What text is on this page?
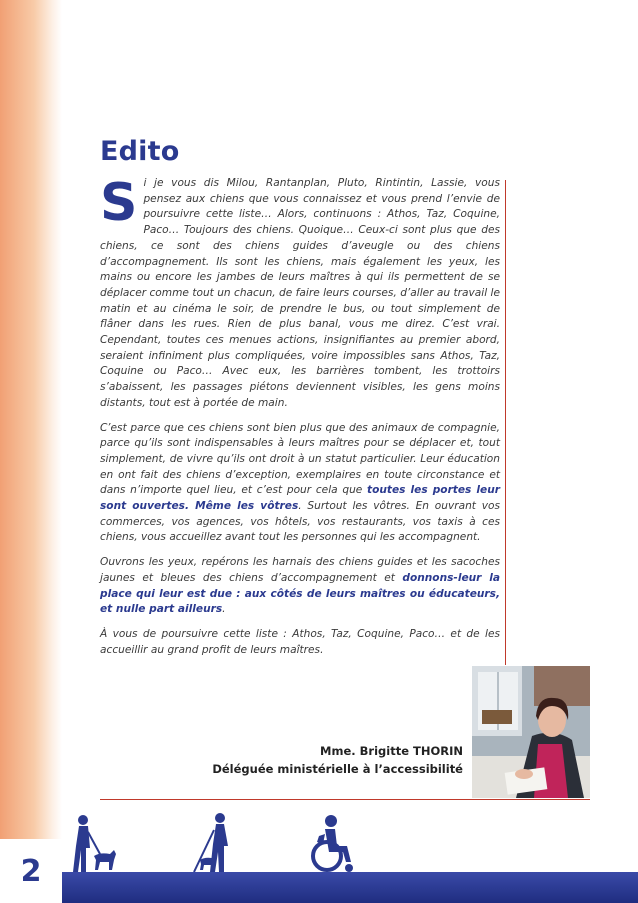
Edito

Si je vous dis Milou, Rantanplan, Pluto, Rintintin, Lassie, vous pensez aux chiens que vous connaissez et vous prend l’envie de poursuivre cette liste… Alors, continuons : Athos, Taz, Coquine, Paco… Toujours des chiens. Quoique… Ceux-ci sont plus que des chiens, ce sont des chiens guides d’aveugle ou des chiens d’accompagnement. Ils sont les chiens, mais également les yeux, les mains ou encore les jambes de leurs maîtres à qui ils permettent de se déplacer comme tout un chacun, de faire leurs courses, d’aller au travail le matin et au cinéma le soir, de prendre le bus, ou tout simplement de flâner dans les rues. Rien de plus banal, vous me direz. C’est vrai. Cependant, toutes ces menues actions, insignifiantes au premier abord, seraient infiniment plus compliquées, voire impossibles sans Athos, Taz, Coquine ou Paco… Avec eux, les barrières tombent, les trottoirs s’abaissent, les passages piétons deviennent visibles, les gens moins distants, tout est à portée de main.

C’est parce que ces chiens sont bien plus que des animaux de compagnie, parce qu’ils sont indispensables à leurs maîtres pour se déplacer et, tout simplement, de vivre qu’ils ont droit à un statut particulier. Leur éducation en ont fait des chiens d’exception, exemplaires en toute circonstance et dans n’importe quel lieu, et c’est pour cela que toutes les portes leur sont ouvertes. Même les vôtres. Surtout les vôtres. En ouvrant vos commerces, vos agences, vos hôtels, vos restaurants, vos taxis à ces chiens, vous accueillez avant tout les personnes qui les accompagnent.

Ouvrons les yeux, repérons les harnais des chiens guides et les sacoches jaunes et bleues des chiens d’accompagnement et donnons-leur la place qui leur est due : aux côtés de leurs maîtres ou éducateurs, et nulle part ailleurs.

À vous de poursuivre cette liste : Athos, Taz, Coquine, Paco… et de les accueillir au grand profit de leurs maîtres.

Mme. Brigitte THORIN
Déléguée ministérielle à l’accessibilité
2
